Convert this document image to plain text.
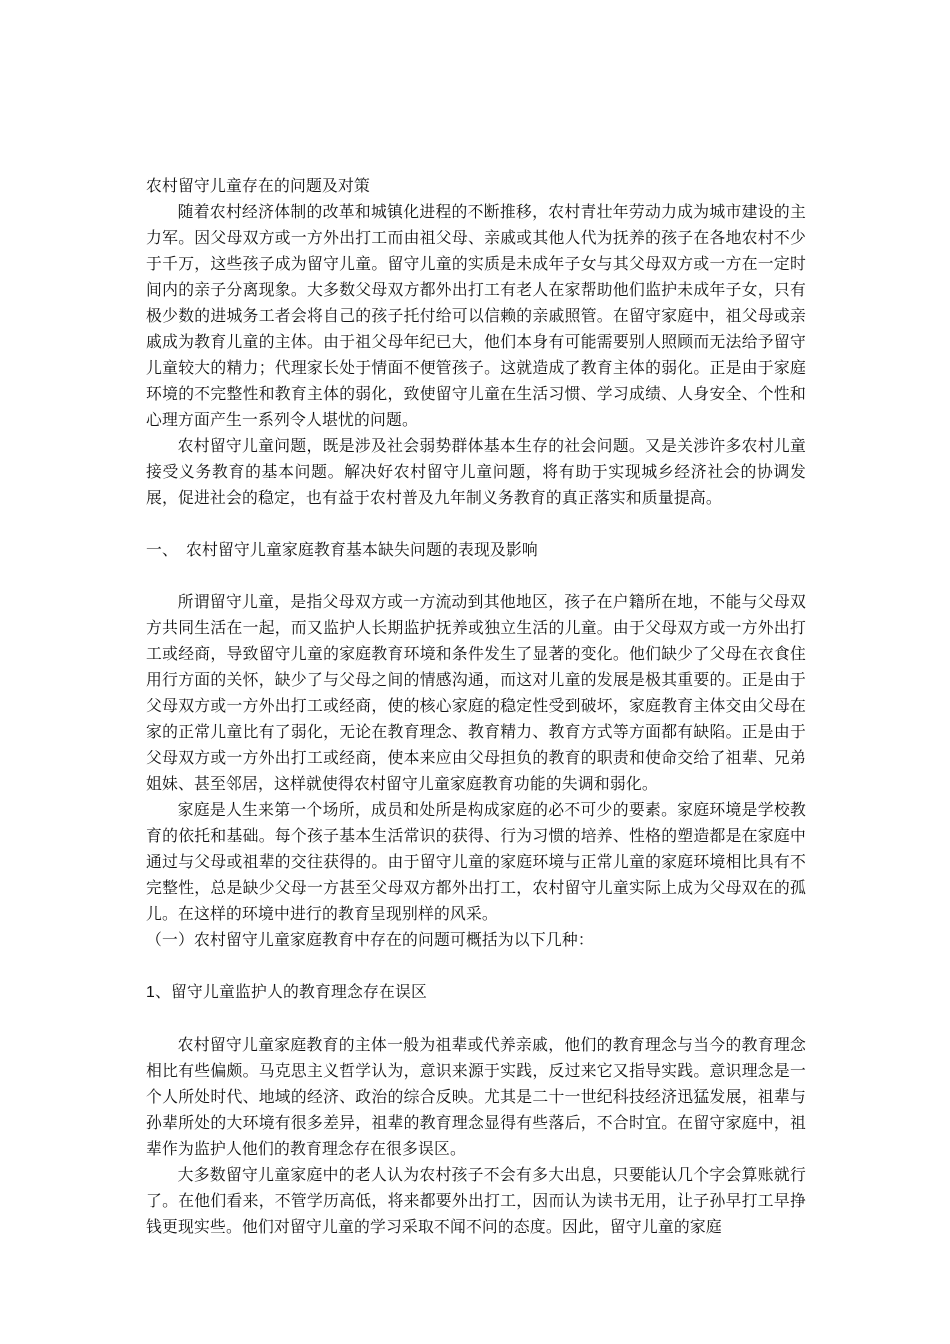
农村留守儿童存在的问题及对策

随着农村经济体制的改革和城镇化进程的不断推移，农村青壮年劳动力成为城市建设的主力军。因父母双方或一方外出打工而由祖父母、亲戚或其他人代为抚养的孩子在各地农村不少于千万，这些孩子成为留守儿童。留守儿童的实质是未成年子女与其父母双方或一方在一定时间内的亲子分离现象。大多数父母双方都外出打工有老人在家帮助他们监护未成年子女，只有极少数的进城务工者会将自己的孩子托付给可以信赖的亲戚照管。在留守家庭中，祖父母或亲戚成为教育儿童的主体。由于祖父母年纪已大，他们本身有可能需要别人照顾而无法给予留守儿童较大的精力；代理家长处于情面不便管孩子。这就造成了教育主体的弱化。正是由于家庭环境的不完整性和教育主体的弱化，致使留守儿童在生活习惯、学习成绩、人身安全、个性和心理方面产生一系列令人堪忧的问题。

农村留守儿童问题，既是涉及社会弱势群体基本生存的社会问题。又是关涉许多农村儿童接受义务教育的基本问题。解决好农村留守儿童问题，将有助于实现城乡经济社会的协调发展，促进社会的稳定，也有益于农村普及九年制义务教育的真正落实和质量提高。

一、 农村留守儿童家庭教育基本缺失问题的表现及影响

所谓留守儿童，是指父母双方或一方流动到其他地区，孩子在户籍所在地，不能与父母双方共同生活在一起，而又监护人长期监护抚养或独立生活的儿童。由于父母双方或一方外出打工或经商，导致留守儿童的家庭教育环境和条件发生了显著的变化。他们缺少了父母在衣食住用行方面的关怀，缺少了与父母之间的情感沟通，而这对儿童的发展是极其重要的。正是由于父母双方或一方外出打工或经商，使的核心家庭的稳定性受到破坏，家庭教育主体交由父母在家的正常儿童比有了弱化，无论在教育理念、教育精力、教育方式等方面都有缺陷。正是由于父母双方或一方外出打工或经商，使本来应由父母担负的教育的职责和使命交给了祖辈、兄弟姐妹、甚至邻居，这样就使得农村留守儿童家庭教育功能的失调和弱化。

家庭是人生来第一个场所，成员和处所是构成家庭的必不可少的要素。家庭环境是学校教育的依托和基础。每个孩子基本生活常识的获得、行为习惯的培养、性格的塑造都是在家庭中通过与父母或祖辈的交往获得的。由于留守儿童的家庭环境与正常儿童的家庭环境相比具有不完整性，总是缺少父母一方甚至父母双方都外出打工，农村留守儿童实际上成为父母双在的孤儿。在这样的环境中进行的教育呈现别样的风采。

（一）农村留守儿童家庭教育中存在的问题可概括为以下几种：

1、留守儿童监护人的教育理念存在误区

农村留守儿童家庭教育的主体一般为祖辈或代养亲戚，他们的教育理念与当今的教育理念相比有些偏颇。马克思主义哲学认为，意识来源于实践，反过来它又指导实践。意识理念是一个人所处时代、地域的经济、政治的综合反映。尤其是二十一世纪科技经济迅猛发展，祖辈与孙辈所处的大环境有很多差异，祖辈的教育理念显得有些落后，不合时宜。在留守家庭中，祖辈作为监护人他们的教育理念存在很多误区。

大多数留守儿童家庭中的老人认为农村孩子不会有多大出息，只要能认几个字会算账就行了。在他们看来，不管学历高低，将来都要外出打工，因而认为读书无用，让子孙早打工早挣钱更现实些。他们对留守儿童的学习采取不闻不问的态度。因此，留守儿童的家庭
